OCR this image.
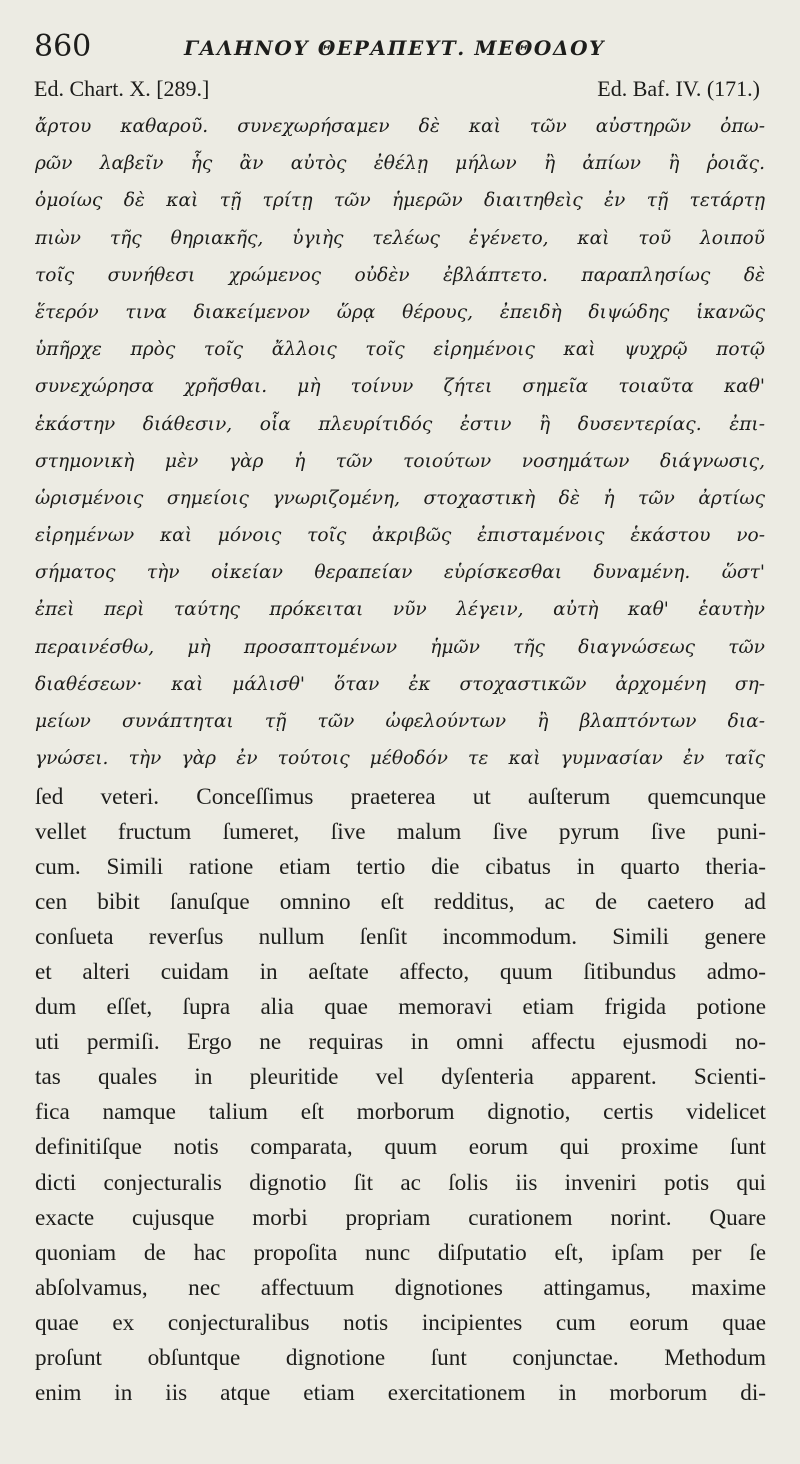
860	ΓΑΛΗΝΟΥ ΘΕΡΑΠΕΥΤ. ΜΕΘΟΔΟΥ
Ed. Chart. X. [289.]	Ed. Baf. IV. (171.)
ἄρτου καθαροῦ. συνεχωρήσαμεν δὲ καὶ τῶν αὐστηρῶν ὀπω-
ρῶν λαβεῖν ἧς ἂν αὐτὸς ἐθέλῃ μήλων ἢ ἀπίων ἢ ῥοιᾶς.
ὁμοίως δὲ καὶ τῇ τρίτῃ τῶν ἡμερῶν διαιτηθεὶς ἐν τῇ τετάρτῃ
πιὼν τῆς θηριακῆς, ὑγιὴς τελέως ἐγένετο, καὶ τοῦ λοιποῦ
τοῖς συνήθεσι χρώμενος οὐδὲν ἐβλάπτετο. παραπλησίως δὲ
ἕτερόν τινα διακείμενον ὥρᾳ θέρους, ἐπειδὴ διψώδης ἱκανῶς
ὑπῆρχε πρὸς τοῖς ἄλλοις τοῖς εἰρημένοις καὶ ψυχρῷ ποτῷ
συνεχώρησα χρῆσθαι. μὴ τοίνυν ζήτει σημεῖα τοιαῦτα καθ'
ἑκάστην διάθεσιν, οἷα πλευρίτιδός ἐστιν ἢ δυσεντερίας. ἐπι-
στημονικὴ μὲν γὰρ ἡ τῶν τοιούτων νοσημάτων διάγνωσις,
ὡρισμένοις σημείοις γνωριζομένη, στοχαστικὴ δὲ ἡ τῶν ἀρτίως
εἰρημένων καὶ μόνοις τοῖς ἀκριβῶς ἐπισταμένοις ἑκάστου νο-
σήματος τὴν οἰκείαν θεραπείαν εὑρίσκεσθαι δυναμένη. ὥστ'
ἐπεὶ περὶ ταύτης πρόκειται νῦν λέγειν, αὐτὴ καθ' ἑαυτὴν
περαινέσθω, μὴ προσαπτομένων ἡμῶν τῆς διαγνώσεως τῶν
διαθέσεων· καὶ μάλισθ' ὅταν ἐκ στοχαστικῶν ἀρχομένη ση-
μείων συνάπτηται τῇ τῶν ὠφελούντων ἢ βλαπτόντων δια-
γνώσει. τὴν γὰρ ἐν τούτοις μέθοδόν τε καὶ γυμνασίαν ἐν ταῖς
ſed veteri. Conceſſimus praeterea ut auſterum quemcunque
vellet fructum ſumeret, ſive malum ſive pyrum ſive puni-
cum. Simili ratione etiam tertio die cibatus in quarto theria-
cen bibit ſanuſque omnino eſt redditus, ac de caetero ad
conſueta reverſus nullum ſenſit incommodum. Simili genere
et alteri cuidam in aeſtate affecto, quum ſitibundus admo-
dum eſſet, ſupra alia quae memoravi etiam frigida potione
uti permiſi. Ergo ne requiras in omni affectu ejusmodi no-
tas quales in pleuritide vel dyſenteria apparent. Scienti-
fica namque talium eſt morborum dignotio, certis videlicet
definitiſque notis comparata, quum eorum qui proxime ſunt
dicti conjecturalis dignotio ſit ac ſolis iis inveniri potis qui
exacte cujusque morbi propriam curationem norint. Quare
quoniam de hac propoſita nunc diſputatio eſt, ipſam per ſe
abſolvamus, nec affectuum dignotiones attingamus, maxime
quae ex conjecturalibus notis incipientes cum eorum quae
proſunt obſuntque dignotione ſunt conjunctae. Methodum
enim in iis atque etiam exercitationem in morborum di-
